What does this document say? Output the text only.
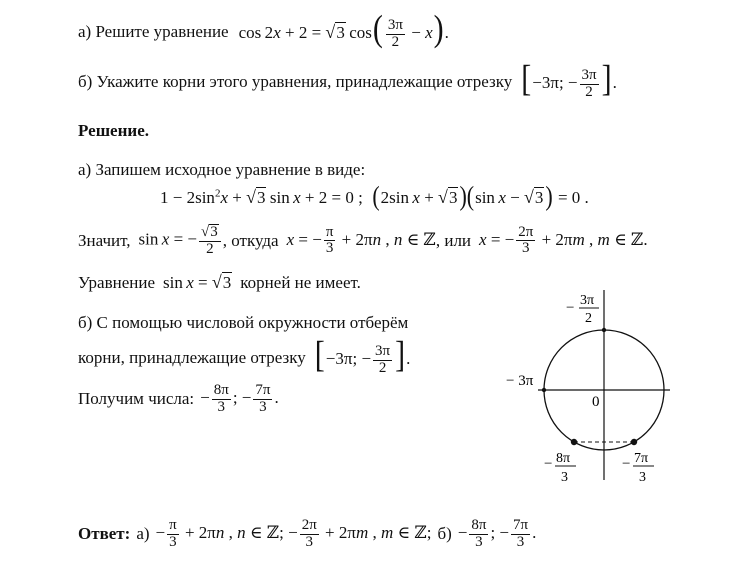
а) Решите уравнение cos 2x + 2 = √ 3  $\cos( \frac{3\pi}{2} - x)$.
б) Укажите корни этого уравнения, принадлежащие отрезку [−3π; − $\frac{3\pi}{2}$ ].
Решение.
а) Запишем исходное уравнение в виде:
$1 - 2\sin^2x$ + √ 3  sin x + 2 = 0 ;  (2sin x + √ 3 )(sin x − √ 3 ) = 0 .
Значит, sin x = − $\frac{√ 3}{2}$ , откуда x = − $\frac{\pi}{3} + 2\pi n$ , n ∈ ℤ , или x = − $\frac{2\pi}{3} + 2\pi m$ , m ∈ ℤ.
Уравнение sin x = √ 3 корней не имеет.
б) С помощью числовой окружности отберём
корни, принадлежащие отрезку [−3π; − $\frac{3\pi}{2}$ ].
Получим числа: − $\frac{8\pi}{3}$ ; − $\frac{7\pi}{3}$ .
− 3π
2
− 3π
0
− 8π
3
− 7π
3
Ответ: $а) - \frac{\pi}{3} + 2\pi n$ , n ∈ ℤ; − $\frac{2\pi}{3} + 2\pi m$ , m ∈ ℤ; $б) - \frac{8\pi}{3}$ ; − $\frac{7\pi}{3}$ .
